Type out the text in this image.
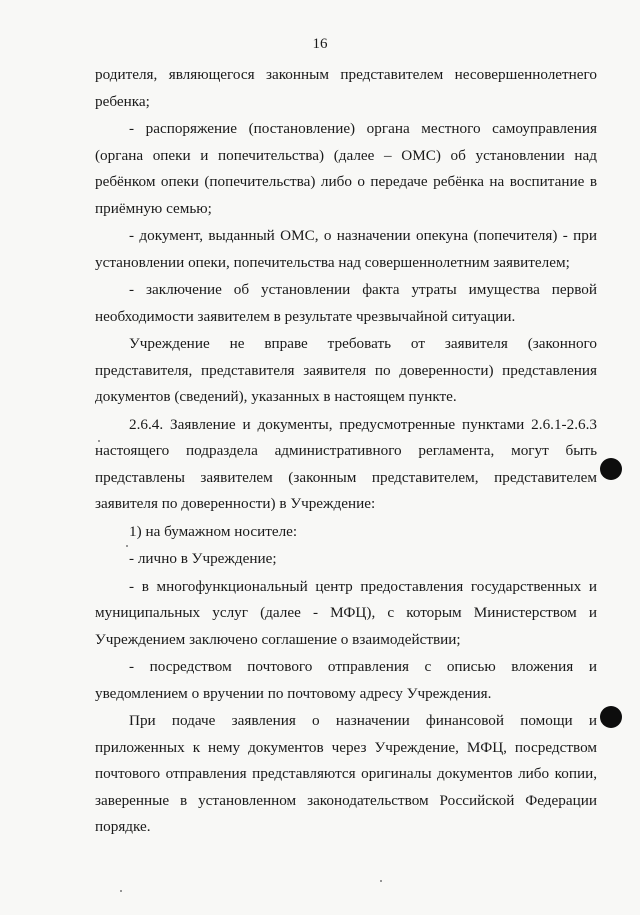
16

родителя, являющегося законным представителем несовершеннолетнего ребенка;

- распоряжение (постановление) органа местного самоуправления (органа опеки и попечительства) (далее – ОМС) об установлении над ребёнком опеки (попечительства) либо о передаче ребёнка на воспитание в приёмную семью;

- документ, выданный ОМС, о назначении опекуна (попечителя) - при установлении опеки, попечительства над совершеннолетним заявителем;

- заключение об установлении факта утраты имущества первой необходимости заявителем в результате чрезвычайной ситуации.

Учреждение не вправе требовать от заявителя (законного представителя, представителя заявителя по доверенности) представления документов (сведений), указанных в настоящем пункте.

2.6.4. Заявление и документы, предусмотренные пунктами 2.6.1-2.6.3 настоящего подраздела административного регламента, могут быть представлены заявителем (законным представителем, представителем заявителя по доверенности) в Учреждение:

1) на бумажном носителе:

- лично в Учреждение;

- в многофункциональный центр предоставления государственных и муниципальных услуг (далее - МФЦ), с которым Министерством и Учреждением заключено соглашение о взаимодействии;

- посредством почтового отправления с описью вложения и уведомлением о вручении по почтовому адресу Учреждения.

При подаче заявления о назначении финансовой помощи и приложенных к нему документов через Учреждение, МФЦ, посредством почтового отправления представляются оригиналы документов либо копии, заверенные в установленном законодательством Российской Федерации порядке.
